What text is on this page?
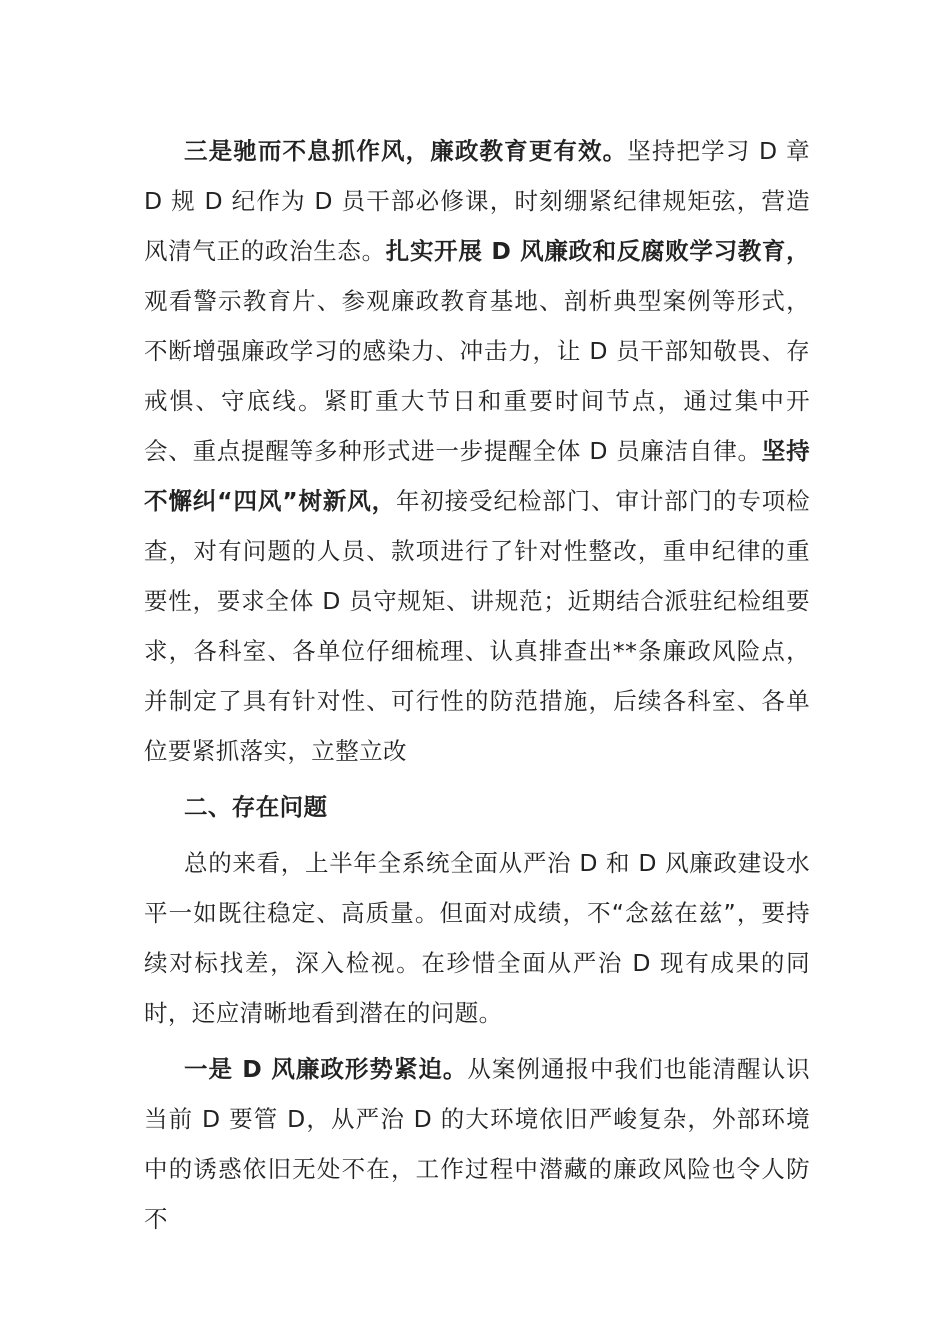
三是驰而不息抓作风，廉政教育更有效。坚持把学习 D 章 D 规 D 纪作为 D 员干部必修课，时刻绷紧纪律规矩弦，营造风清气正的政治生态。扎实开展 D 风廉政和反腐败学习教育，观看警示教育片、参观廉政教育基地、剖析典型案例等形式，不断增强廉政学习的感染力、冲击力，让 D 员干部知敬畏、存戒惧、守底线。紧盯重大节日和重要时间节点，通过集中开会、重点提醒等多种形式进一步提醒全体 D 员廉洁自律。坚持不懈纠“四风”树新风，年初接受纪检部门、审计部门的专项检查，对有问题的人员、款项进行了针对性整改，重申纪律的重要性，要求全体 D 员守规矩、讲规范；近期结合派驻纪检组要求，各科室、各单位仔细梳理、认真排查出**条廉政风险点，并制定了具有针对性、可行性的防范措施，后续各科室、各单位要紧抓落实，立整立改

二、存在问题

总的来看，上半年全系统全面从严治 D 和 D 风廉政建设水平一如既往稳定、高质量。但面对成绩，不“念兹在兹”，要持续对标找差，深入检视。在珍惜全面从严治 D 现有成果的同时，还应清晰地看到潜在的问题。

一是 D 风廉政形势紧迫。从案例通报中我们也能清醒认识当前 D 要管 D，从严治 D 的大环境依旧严峻复杂，外部环境中的诱惑依旧无处不在，工作过程中潜藏的廉政风险也令人防不
